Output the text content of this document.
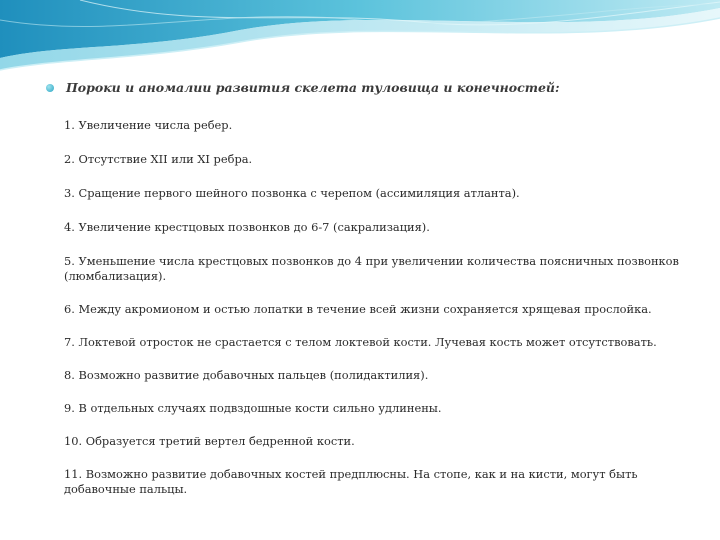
Пороки и аномалии развития скелета туловища и конечностей:

1. Увеличение числа ребер.

2. Отсутствие XII или XI ребра.

3. Сращение первого шейного позвонка с черепом (ассимиляция атланта).

4. Увеличение крестцовых позвонков до 6-7 (сакрализация).

5. Уменьшение числа крестцовых позвонков до 4 при увеличении количества поясничных позвонков (люмбализация).

6. Между акромионом и остью лопатки в течение всей жизни сохраняется хрящевая прослойка.

7. Локтевой отросток не срастается с телом локтевой кости. Лучевая кость может отсутствовать.

8. Возможно развитие добавочных пальцев (полидактилия).

9. В отдельных случаях подвздошные кости сильно удлинены.

10. Образуется третий вертел бедренной кости.

11. Возможно развитие добавочных костей предплюсны. На стопе, как и на кисти, могут быть добавочные пальцы.
